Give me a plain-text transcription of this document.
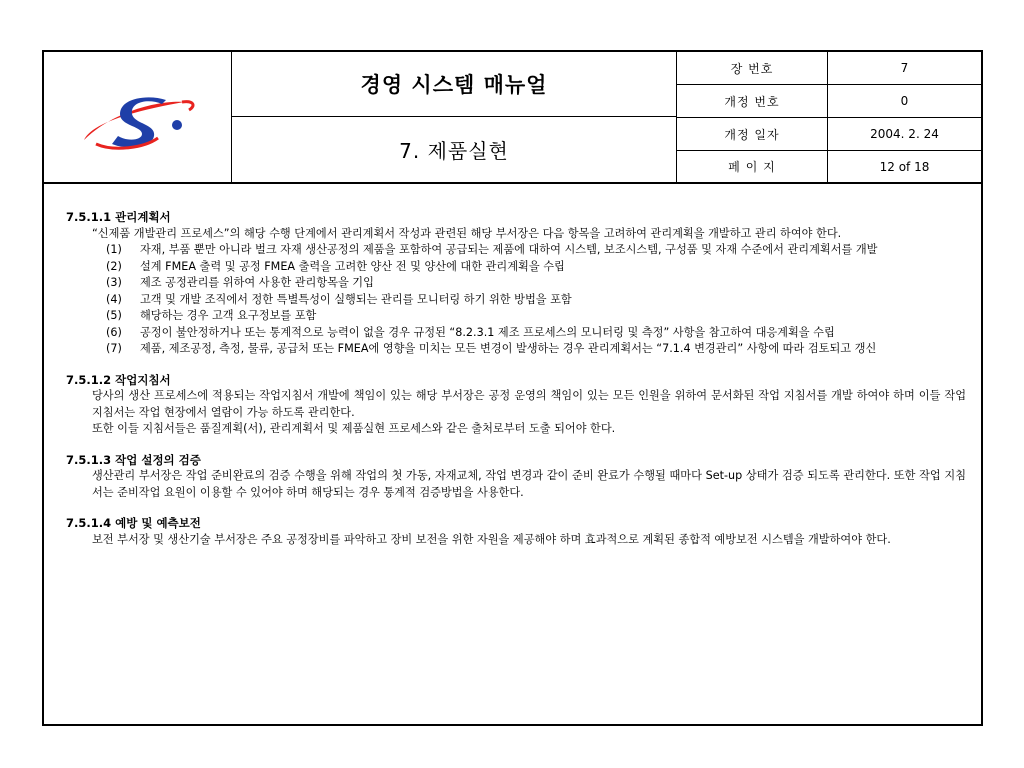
경영 시스템 매뉴얼
7. 제품실현
장 번호	7
개정 번호	0
개정 일자	2004. 2. 24
페 이 지	12 of 18

7.5.1.1 관리계획서

“신제품 개발관리 프로세스”의 해당 수행 단계에서 관리계획서 작성과 관련된 해당 부서장은 다음 항목을 고려하여 관리계획을 개발하고 관리 하여야 한다.

(1)	자재, 부품 뿐만 아니라 벌크 자재 생산공정의 제품을 포함하여 공급되는 제품에 대하여 시스템, 보조시스템, 구성품 및 자재 수준에서 관리계획서를 개발
(2)	설계 FMEA 출력 및 공정 FMEA 출력을 고려한 양산 전 및 양산에 대한 관리계획을 수립
(3)	제조 공정관리를 위하여 사용한 관리항목을 기입
(4)	고객 및 개발 조직에서 정한 특별특성이 실행되는 관리를 모니터링 하기 위한 방법을 포함
(5)	해당하는 경우 고객 요구정보를 포함
(6)	공정이 불안정하거나 또는 통계적으로 능력이 없을 경우 규정된 “8.2.3.1 제조 프로세스의 모니터링 및 측정” 사항을 참고하여 대응계획을 수립
(7)	제품, 제조공정, 측정, 물류, 공급처 또는 FMEA에 영향을 미치는 모든 변경이 발생하는 경우 관리계획서는 “7.1.4 변경관리” 사항에 따라 검토되고 갱신

7.5.1.2 작업지침서

당사의 생산 프로세스에 적용되는 작업지침서 개발에 책임이 있는 해당 부서장은 공정 운영의 책임이 있는 모든 인원을 위하여 문서화된 작업 지침서를 개발 하여야 하며 이들 작업 지침서는 작업 현장에서 열람이 가능 하도록 관리한다.

또한 이들 지침서들은 품질계획(서), 관리계획서 및 제품실현 프로세스와 같은 출처로부터 도출 되어야 한다.

7.5.1.3 작업 설정의 검증

생산관리 부서장은 작업 준비완료의 검증 수행을 위해 작업의 첫 가동, 자재교체, 작업 변경과 같이 준비 완료가 수행될 때마다 Set-up 상태가 검증 되도록 관리한다. 또한 작업 지침서는 준비작업 요원이 이용할 수 있어야 하며 해당되는 경우 통계적 검증방법을 사용한다.

7.5.1.4 예방 및 예측보전

보전 부서장 및 생산기술 부서장은 주요 공정장비를 파악하고 장비 보전을 위한 자원을 제공해야 하며 효과적으로 계획된 종합적 예방보전 시스템을 개발하여야 한다.
